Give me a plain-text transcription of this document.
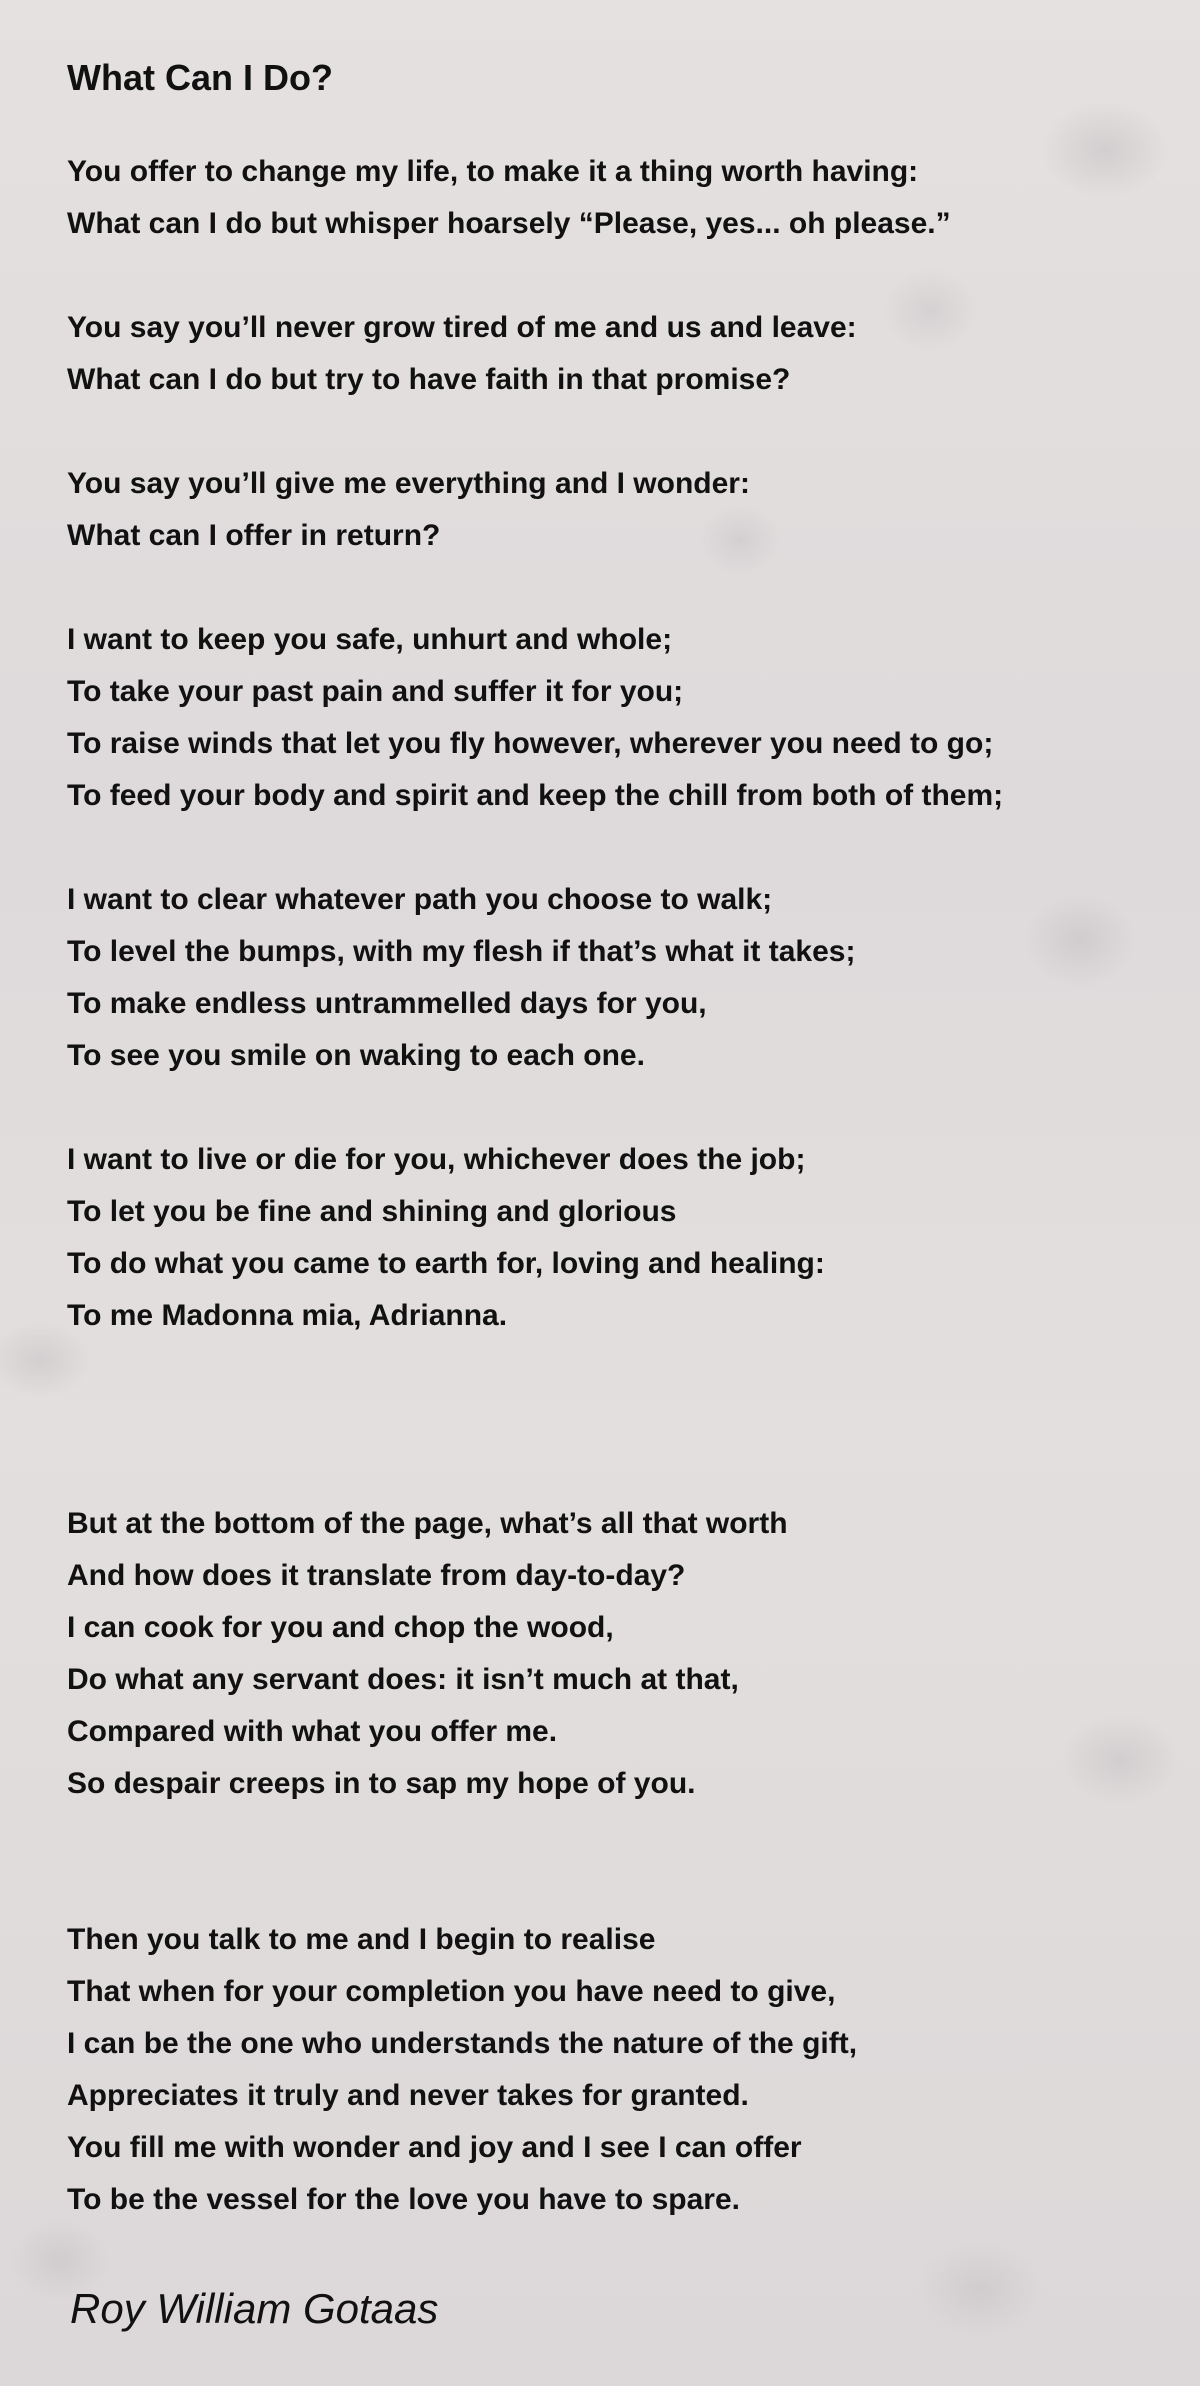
What Can I Do?
You offer to change my life, to make it a thing worth having:
What can I do but whisper hoarsely “Please, yes... oh please.”
You say you’ll never grow tired of me and us and leave:
What can I do but try to have faith in that promise?
You say you’ll give me everything and I wonder:
What can I offer in return?
I want to keep you safe, unhurt and whole;
To take your past pain and suffer it for you;
To raise winds that let you fly however, wherever you need to go;
To feed your body and spirit and keep the chill from both of them;
I want to clear whatever path you choose to walk;
To level the bumps, with my flesh if that’s what it takes;
To make endless untrammelled days for you,
To see you smile on waking to each one.
I want to live or die for you, whichever does the job;
To let you be fine and shining and glorious
To do what you came to earth for, loving and healing:
To me Madonna mia, Adrianna.
But at the bottom of the page, what’s all that worth
And how does it translate from day-to-day?
I can cook for you and chop the wood,
Do what any servant does: it isn’t much at that,
Compared with what you offer me.
So despair creeps in to sap my hope of you.
Then you talk to me and I begin to realise
That when for your completion you have need to give,
I can be the one who understands the nature of the gift,
Appreciates it truly and never takes for granted.
You fill me with wonder and joy and I see I can offer
To be the vessel for the love you have to spare.
Roy William Gotaas
